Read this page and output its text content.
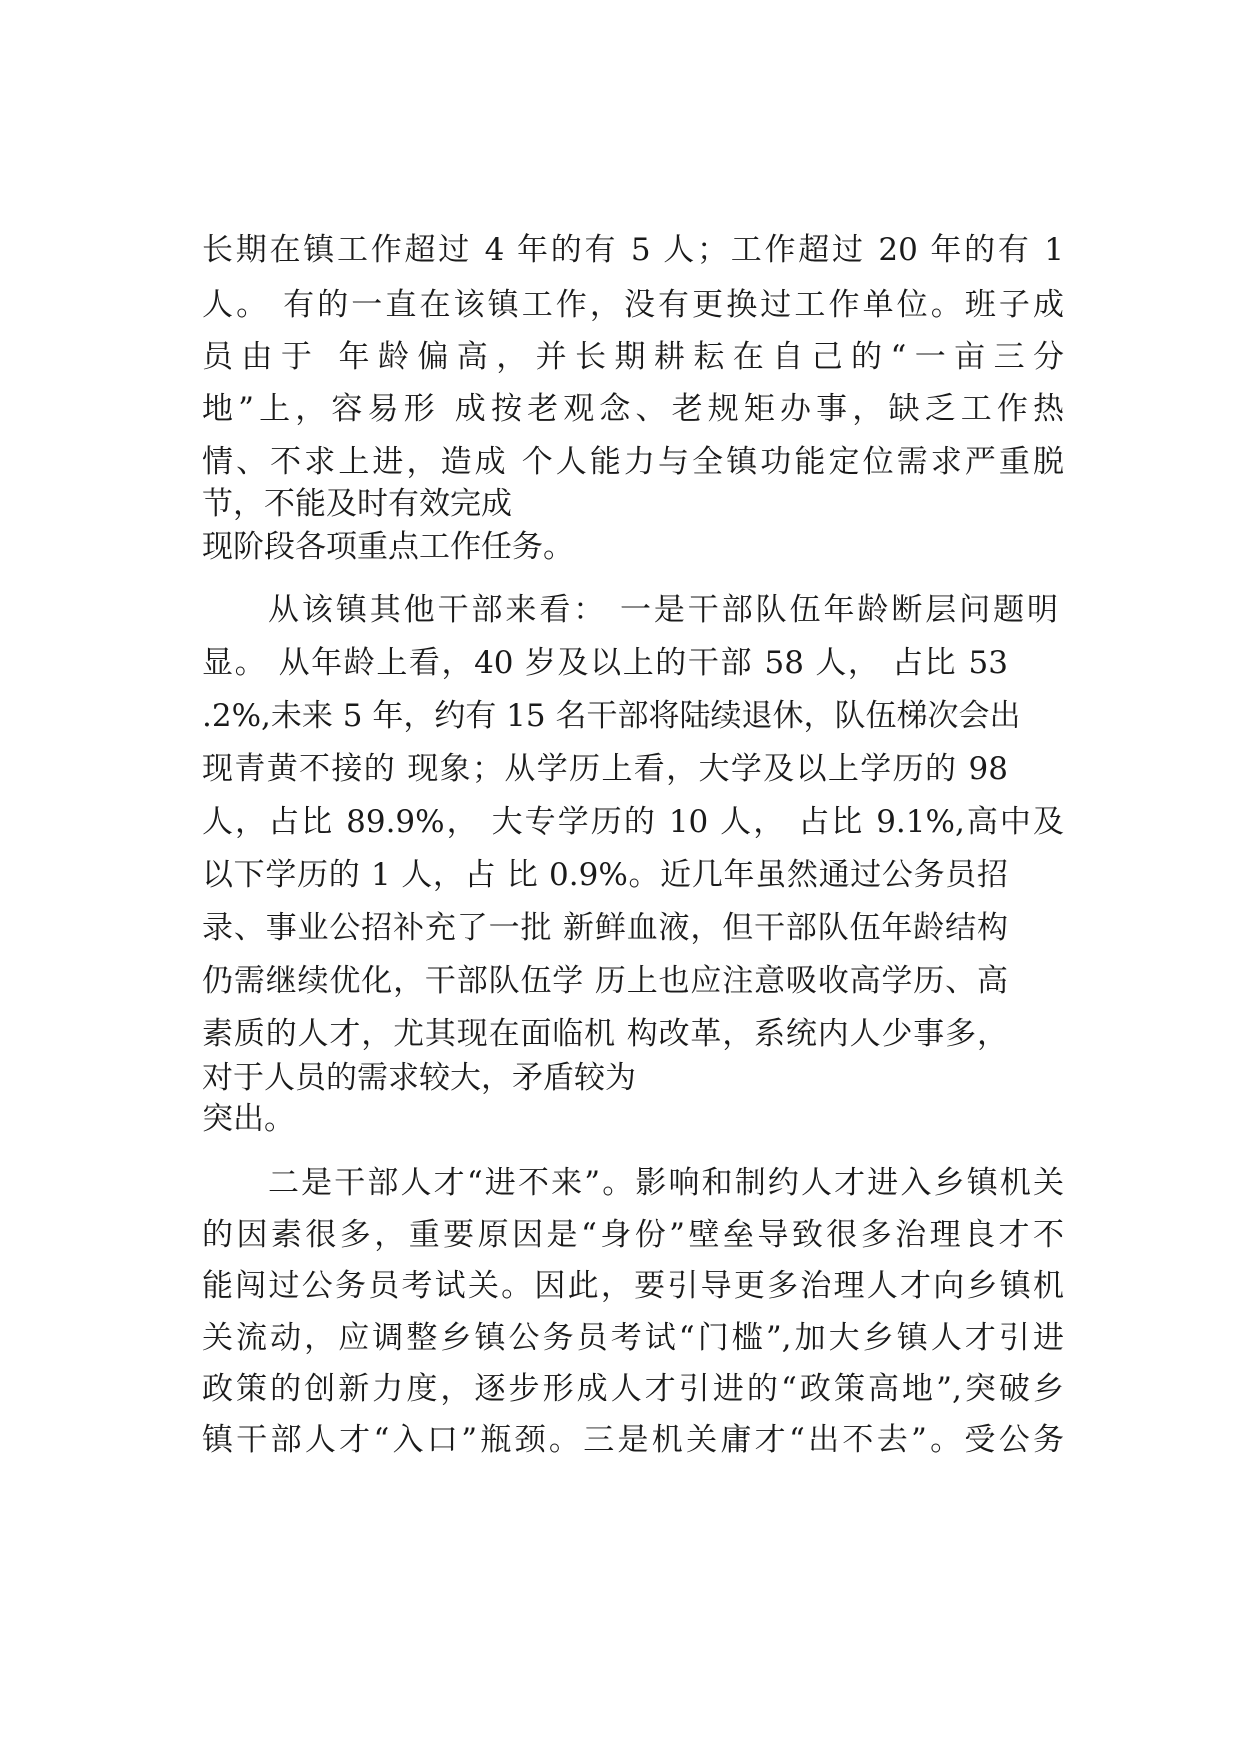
长期在镇工作超过 4 年的有 5 人；工作超过 20 年的有 1
人。 有的一直在该镇工作，没有更换过工作单位。班子成
员由于 年龄偏高，并长期耕耘在自己的“一亩三分
地”上，容易形 成按老观念、老规矩办事，缺乏工作热
情、不求上进，造成 个人能力与全镇功能定位需求严重脱
节，不能及时有效完成
现阶段各项重点工作任务。
从该镇其他干部来看： 一是干部队伍年龄断层问题明
显。 从年龄上看，40 岁及以上的干部 58 人， 占比 53
.2%,未来 5 年，约有 15 名干部将陆续退休，队伍梯次会出
现青黄不接的 现象；从学历上看，大学及以上学历的 98
人，占比 89.9%， 大专学历的 10 人， 占比 9.1%,高中及
以下学历的 1 人，占 比 0.9%。近几年虽然通过公务员招
录、事业公招补充了一批 新鲜血液，但干部队伍年龄结构
仍需继续优化，干部队伍学 历上也应注意吸收高学历、高
素质的人才，尤其现在面临机 构改革，系统内人少事多，
对于人员的需求较大，矛盾较为
突出。
二是干部人才“进不来”。影响和制约人才进入乡镇机关
的因素很多，重要原因是“身份”壁垒导致很多治理良才不
能闯过公务员考试关。因此，要引导更多治理人才向乡镇机
关流动，应调整乡镇公务员考试“门槛”,加大乡镇人才引进
政策的创新力度，逐步形成人才引进的“政策高地”,突破乡
镇干部人才“入口”瓶颈。三是机关庸才“出不去”。受公务
